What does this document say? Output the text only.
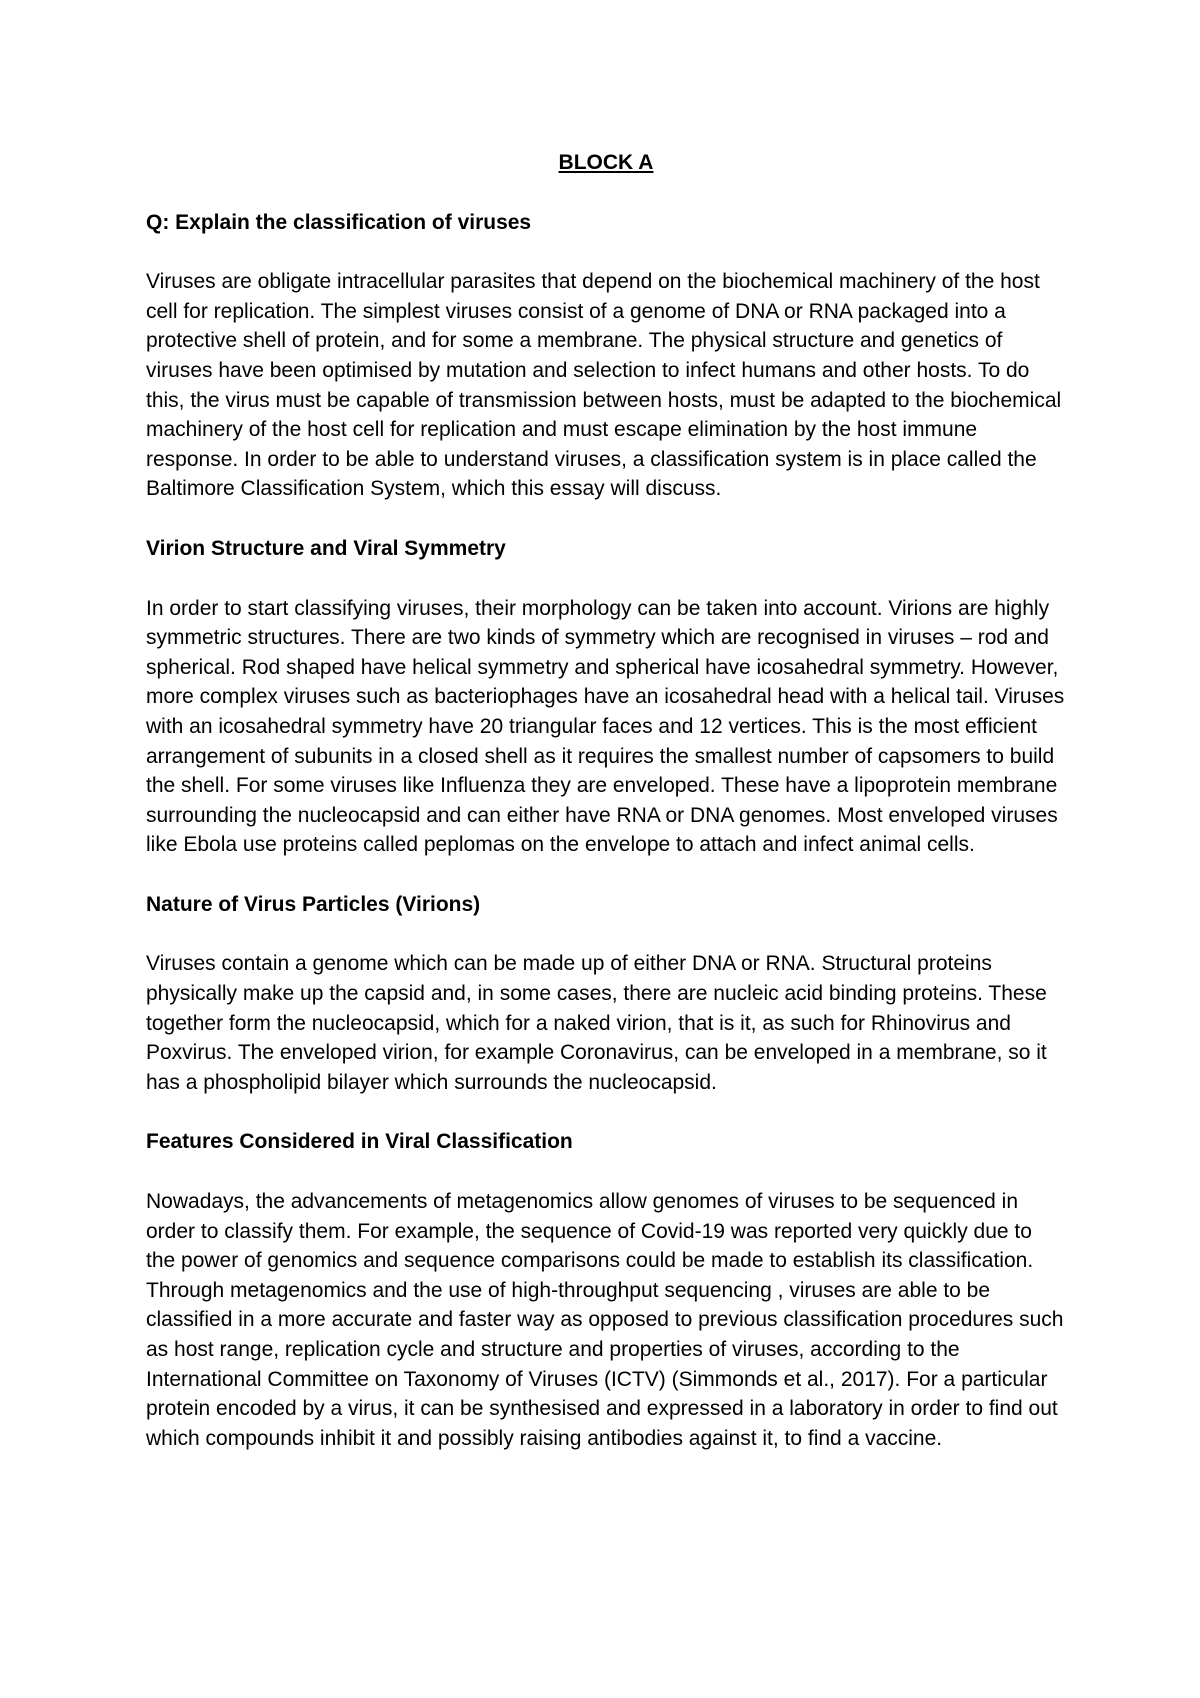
BLOCK A
Q: Explain the classification of viruses

Viruses are obligate intracellular parasites that depend on the biochemical machinery of the host cell for replication. The simplest viruses consist of a genome of DNA or RNA packaged into a protective shell of protein, and for some a membrane. The physical structure and genetics of viruses have been optimised by mutation and selection to infect humans and other hosts. To do this, the virus must be capable of transmission between hosts, must be adapted to the biochemical machinery of the host cell for replication and must escape elimination by the host immune response. In order to be able to understand viruses, a classification system is in place called the Baltimore Classification System, which this essay will discuss.

Virion Structure and Viral Symmetry

In order to start classifying viruses, their morphology can be taken into account. Virions are highly symmetric structures. There are two kinds of symmetry which are recognised in viruses – rod and spherical. Rod shaped have helical symmetry and spherical have icosahedral symmetry. However, more complex viruses such as bacteriophages have an icosahedral head with a helical tail. Viruses with an icosahedral symmetry have 20 triangular faces and 12 vertices. This is the most efficient arrangement of subunits in a closed shell as it requires the smallest number of capsomers to build the shell. For some viruses like Influenza they are enveloped. These have a lipoprotein membrane surrounding the nucleocapsid and can either have RNA or DNA genomes. Most enveloped viruses like Ebola use proteins called peplomas on the envelope to attach and infect animal cells.

Nature of Virus Particles (Virions)

Viruses contain a genome which can be made up of either DNA or RNA. Structural proteins physically make up the capsid and, in some cases, there are nucleic acid binding proteins. These together form the nucleocapsid, which for a naked virion, that is it, as such for Rhinovirus and Poxvirus. The enveloped virion, for example Coronavirus, can be enveloped in a membrane, so it has a phospholipid bilayer which surrounds the nucleocapsid.

Features Considered in Viral Classification

Nowadays, the advancements of metagenomics allow genomes of viruses to be sequenced in order to classify them. For example, the sequence of Covid-19 was reported very quickly due to the power of genomics and sequence comparisons could be made to establish its classification. Through metagenomics and the use of high-throughput sequencing , viruses are able to be classified in a more accurate and faster way as opposed to previous classification procedures such as host range, replication cycle and structure and properties of viruses, according to the International Committee on Taxonomy of Viruses (ICTV) (Simmonds et al., 2017). For a particular protein encoded by a virus, it can be synthesised and expressed in a laboratory in order to find out which compounds inhibit it and possibly raising antibodies against it, to find a vaccine.
